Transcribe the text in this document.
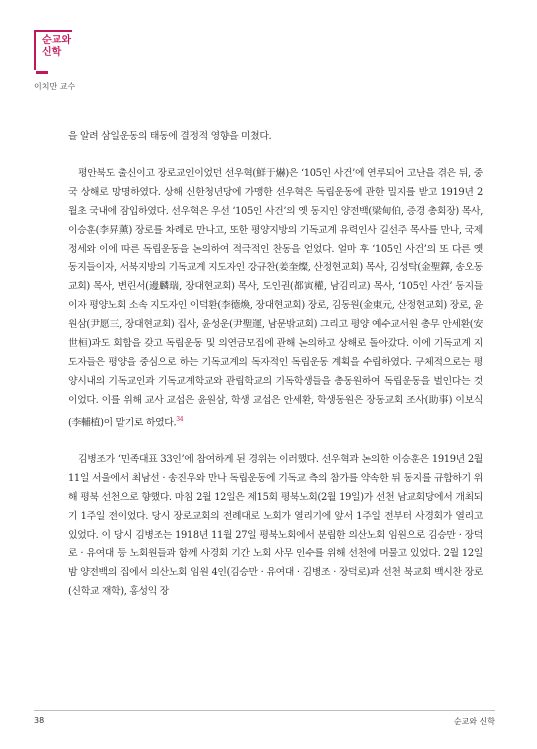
순교와
신학
이치만 교수

을 알려 삼일운동의 태동에 결정적 영향을 미쳤다.

평안북도 출신이고 장로교인이었던 선우혁(鮮于爀)은 ‘105인 사건’에 연루되어 고난을 겪은 뒤, 중국 상해로 망명하였다. 상해 신한청년당에 가맹한 선우혁은 독립운동에 관한 밀지를 받고 1919년 2월초 국내에 잠입하였다. 선우혁은 우선 ‘105인 사건’의 옛 동지인 양전백(梁甸伯, 증경 총회장) 목사, 이승훈(李昇薰) 장로를 차례로 만나고, 또한 평양지방의 기독교계 유력인사 길선주 목사를 만나, 국제정세와 이에 따른 독립운동을 논의하여 적극적인 찬동을 얻었다. 얼마 후 ‘105인 사건’의 또 다른 옛 동지들이자, 서북지방의 기독교계 지도자인 강규찬(姜奎燦, 산정현교회) 목사, 김성탁(金聖鐸, 송오동교회) 목사, 변린서(邊麟瑞, 장대현교회) 목사, 도인권(都寅權, 남김리교) 목사, ‘105인 사건’ 동지들이자 평양노회 소속 지도자인 이덕환(李德煥, 장대현교회) 장로, 김동원(金東元, 산정현교회) 장로, 윤원삼(尹愿三, 장대현교회) 집사, 윤성운(尹聖運, 남문밖교회) 그리고 평양 예수교서원 총무 안세환(安世桓)과도 회합을 갖고 독립운동 및 의연금모집에 관해 논의하고 상해로 돌아갔다. 이에 기독교계 지도자들은 평양을 중심으로 하는 기독교계의 독자적인 독립운동 계획을 수립하였다. 구체적으로는 평양시내의 기독교인과 기독교계학교와 관립학교의 기독학생들을 총동원하여 독립운동을 벌인다는 것이었다. 이를 위해 교사 교섭은 윤원삼, 학생 교섭은 안세환, 학생동원은 장동교회 조사(助事) 이보식(李輔植)이 맡기로 하였다.$^{34}$

김병조가 ‘민족대표 33인’에 참여하게 된 경위는 이러했다. 선우혁과 논의한 이승훈은 1919년 2월 11일 서울에서 최남선 · 송진우와 만나 독립운동에 기독교 측의 참가를 약속한 뒤 동지를 규합하기 위해 평북 선천으로 향했다. 마침 2월 12일은 제15회 평북노회(2월 19일)가 선천 남교회당에서 개최되기 1주일 전이었다. 당시 장로교회의 전례대로 노회가 열리기에 앞서 1주일 전부터 사경회가 열리고 있었다. 이 당시 김병조는 1918년 11월 27일 평북노회에서 분립한 의산노회 임원으로 김승만 · 장덕로 · 유여대 등 노회원들과 함께 사경회 기간 노회 사무 인수를 위해 선천에 머물고 있었다. 2월 12일 밤 양전백의 집에서 의산노회 임원 4인(김승만 · 유여대 · 김병조 · 장덕로)과 선천 북교회 백시찬 장로(신학교 재학), 홍성익 장

38	순교와 신학
